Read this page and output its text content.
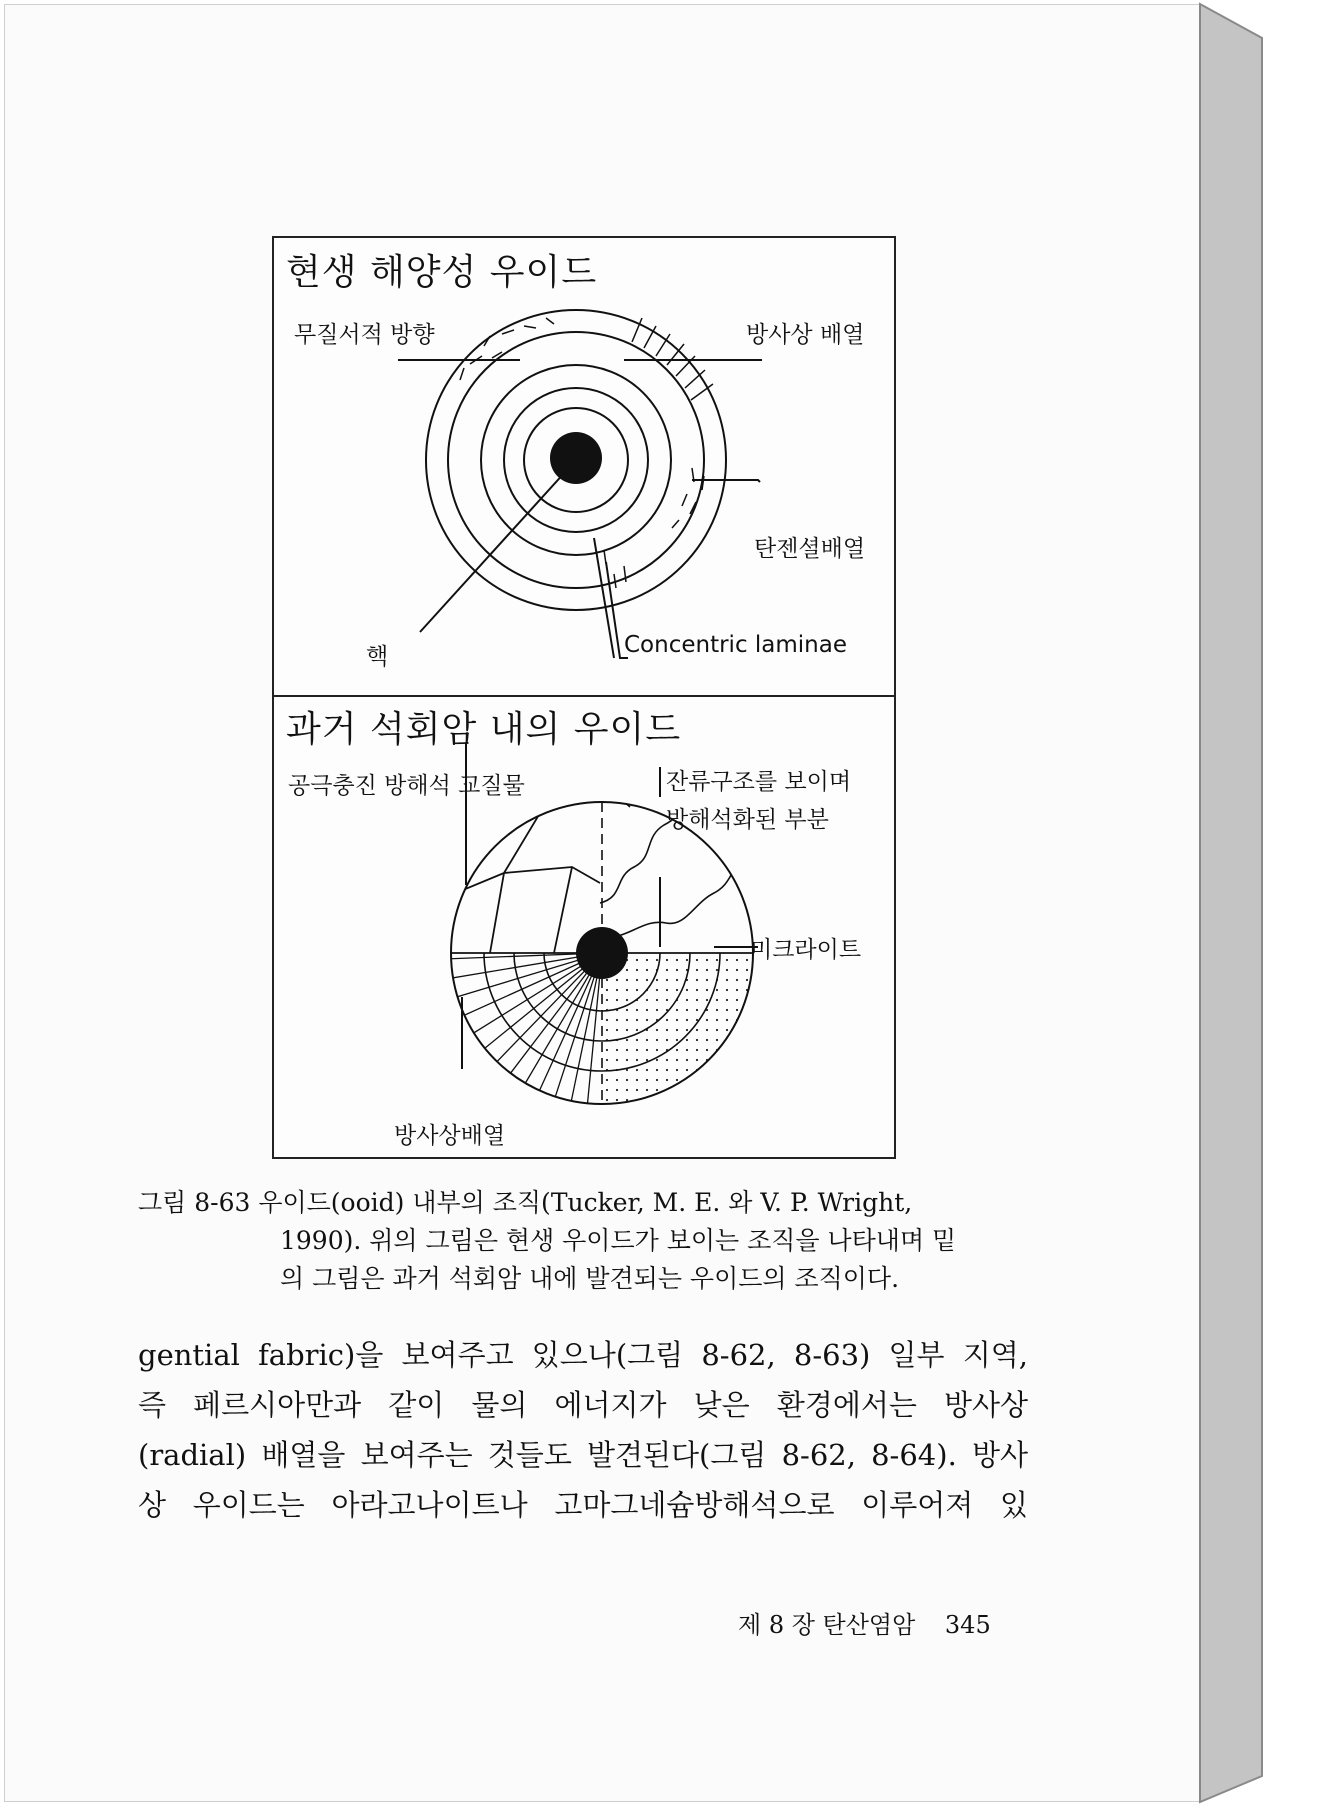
현생 해양성 우이드
무질서적 방향	방사상 배열
탄젠셜배열
핵	Concentric laminae
과거 석회암 내의 우이드
공극충진 방해석 교질물	잔류구조를 보이며
방해석화된 부분
미크라이트
방사상배열
그림 8-63 우이드(ooid) 내부의 조직(Tucker, M. E. 와 V. P. Wright,
1990). 위의 그림은 현생 우이드가 보이는 조직을 나타내며 밑
의 그림은 과거 석회암 내에 발견되는 우이드의 조직이다.
gential fabric)을 보여주고 있으나(그림 8-62, 8-63) 일부 지역,
즉 페르시아만과 같이 물의 에너지가 낮은 환경에서는 방사상
(radial) 배열을 보여주는 것들도 발견된다(그림 8-62, 8-64). 방사
상 우이드는 아라고나이트나 고마그네슘방해석으로 이루어져 있
제 8 장 탄산염암 345
